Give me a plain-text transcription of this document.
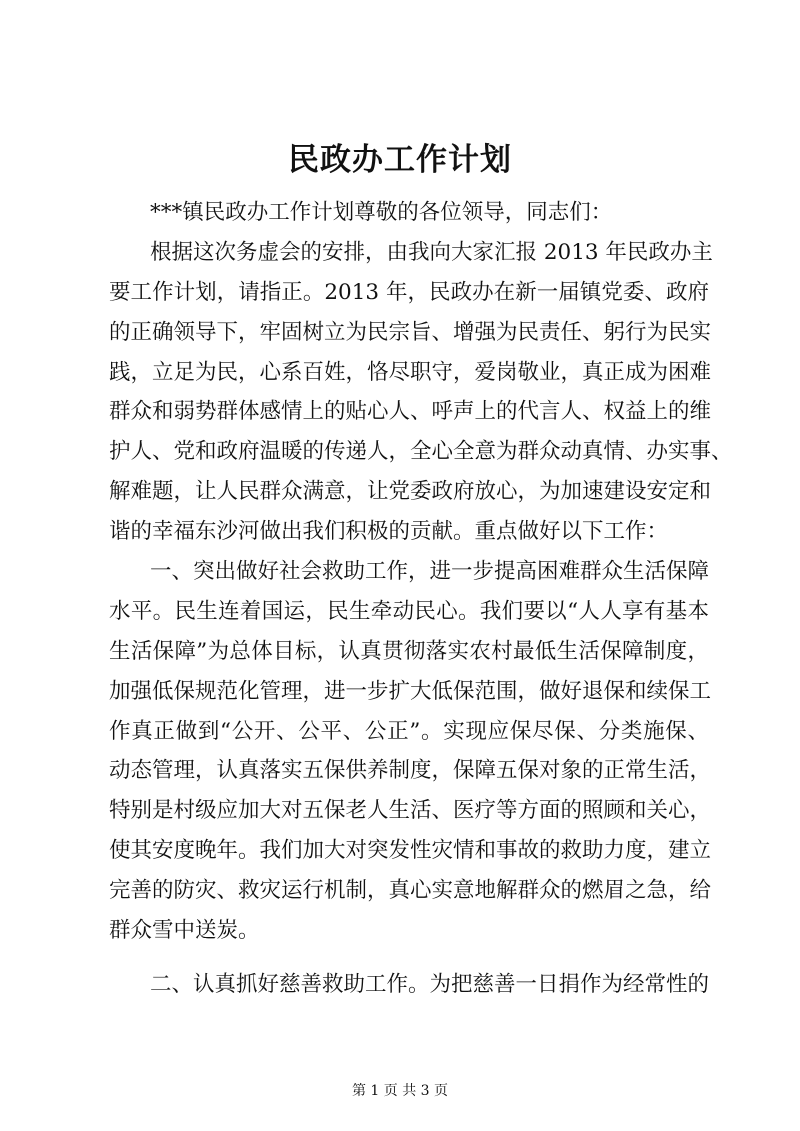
民政办工作计划
***镇民政办工作计划尊敬的各位领导，同志们：
根据这次务虚会的安排，由我向大家汇报 2013 年民政办主
要工作计划，请指正。2013 年，民政办在新一届镇党委、政府
的正确领导下，牢固树立为民宗旨、增强为民责任、躬行为民实
践，立足为民，心系百姓，恪尽职守，爱岗敬业，真正成为困难
群众和弱势群体感情上的贴心人、呼声上的代言人、权益上的维
护人、党和政府温暖的传递人，全心全意为群众动真情、办实事、
解难题，让人民群众满意，让党委政府放心，为加速建设安定和
谐的幸福东沙河做出我们积极的贡献。重点做好以下工作：
一、突出做好社会救助工作，进一步提高困难群众生活保障
水平。民生连着国运，民生牵动民心。我们要以“人人享有基本
生活保障”为总体目标，认真贯彻落实农村最低生活保障制度，
加强低保规范化管理，进一步扩大低保范围，做好退保和续保工
作真正做到“公开、公平、公正”。实现应保尽保、分类施保、
动态管理，认真落实五保供养制度，保障五保对象的正常生活，
特别是村级应加大对五保老人生活、医疗等方面的照顾和关心，
使其安度晚年。我们加大对突发性灾情和事故的救助力度，建立
完善的防灾、救灾运行机制，真心实意地解群众的燃眉之急，给
群众雪中送炭。
二、认真抓好慈善救助工作。为把慈善一日捐作为经常性的
第 1 页 共 3 页
